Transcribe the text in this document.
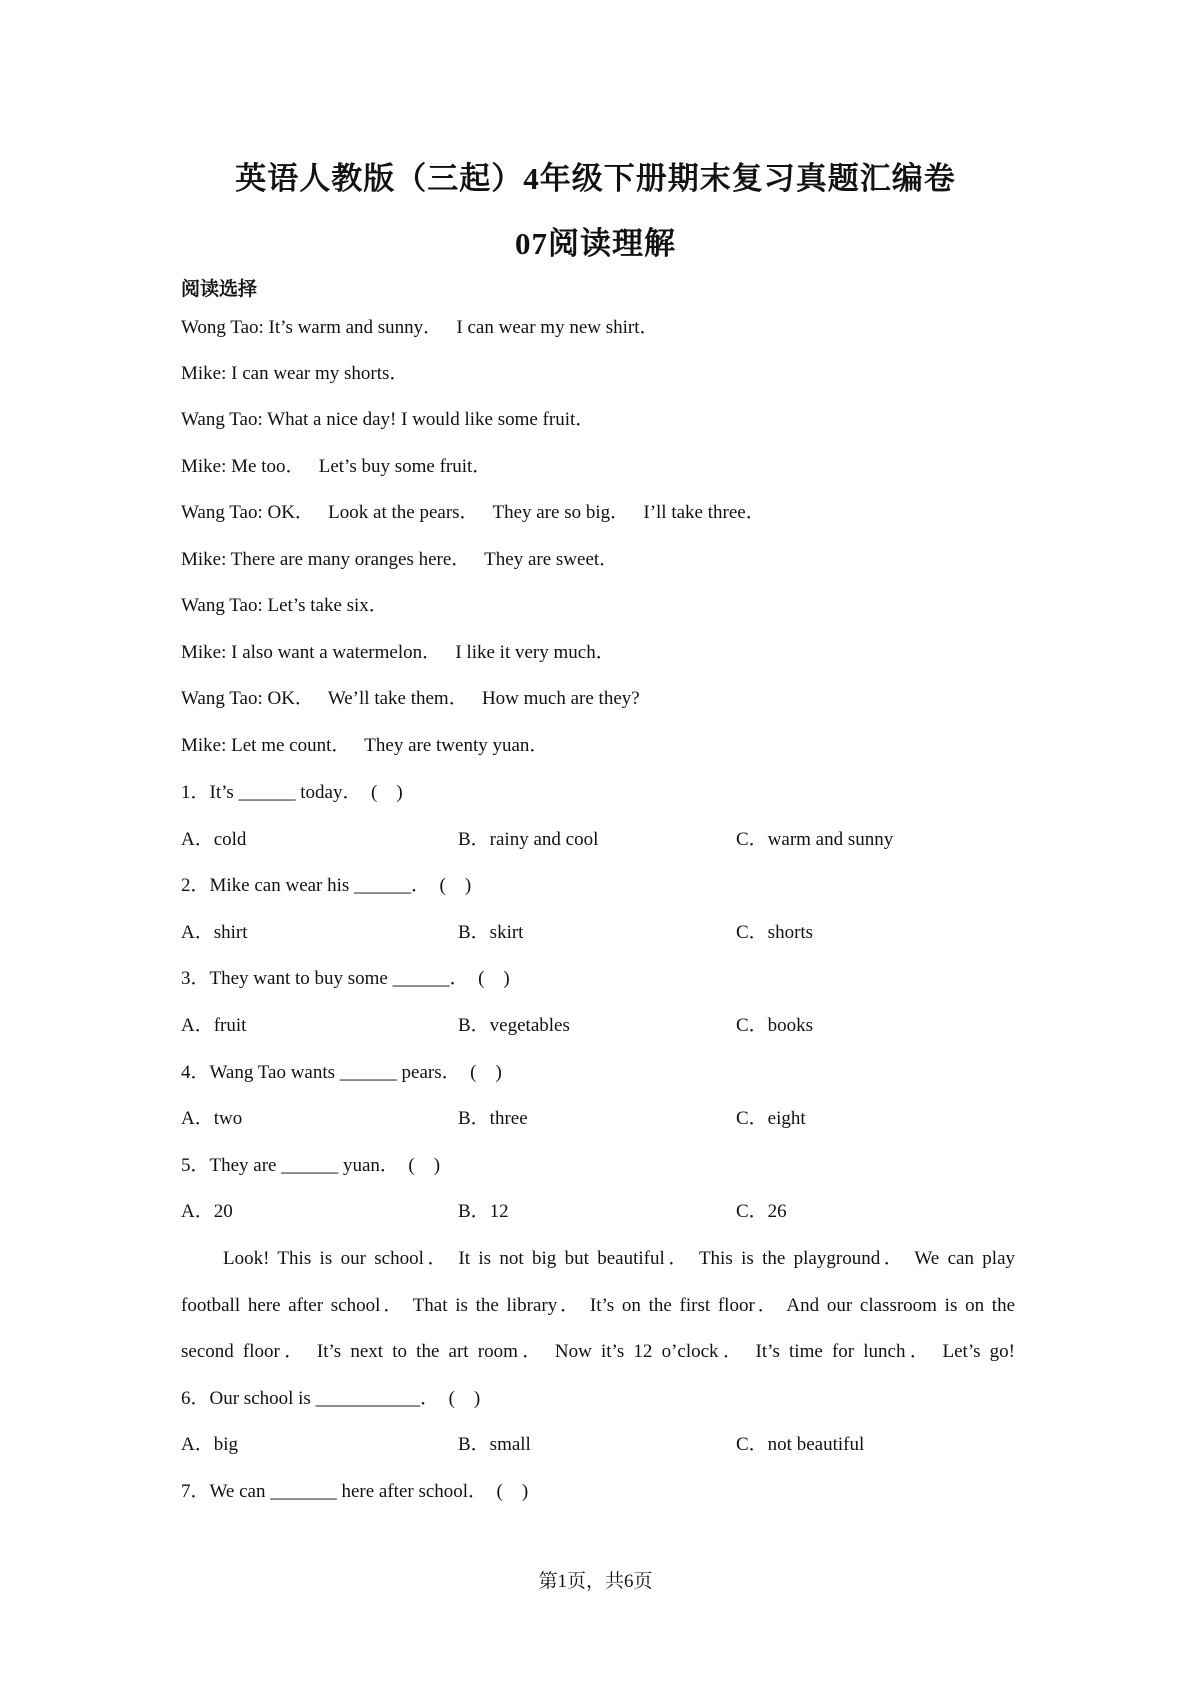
英语人教版（三起）4年级下册期末复习真题汇编卷
07阅读理解
阅读选择
Wong Tao: It’s warm and sunny．   I can wear my new shirt．
Mike: I can wear my shorts．
Wang Tao: What a nice day! I would like some fruit．
Mike: Me too．   Let’s buy some fruit．
Wang Tao: OK．   Look at the pears．   They are so big．   I’ll take three．
Mike: There are many oranges here．   They are sweet．
Wang Tao: Let’s take six．
Mike: I also want a watermelon．   I like it very much．
Wang Tao: OK．   We’ll take them．   How much are they?
Mike: Let me count．   They are twenty yuan．
1．It’s ______ today．  (    )
A．cold	B．rainy and cool	C．warm and sunny
2．Mike can wear his ______．  (    )
A．shirt	B．skirt	C．shorts
3．They want to buy some ______．  (    )
A．fruit	B．vegetables	C．books
4．Wang Tao wants ______ pears．  (    )
A．two	B．three	C．eight
5．They are ______ yuan．  (    )
A．20	B．12	C．26
Look! This is our school． It is not big but beautiful． This is the playground． We can play
football here after school． That is the library． It’s on the first floor． And our classroom is on the
second floor． It’s next to the art room． Now it’s 12 o’clock． It’s time for lunch． Let’s go!
6．Our school is ___________．  (    )
A．big	B．small	C．not beautiful
7．We can _______ here after school．  (    )
第1页，共6页
